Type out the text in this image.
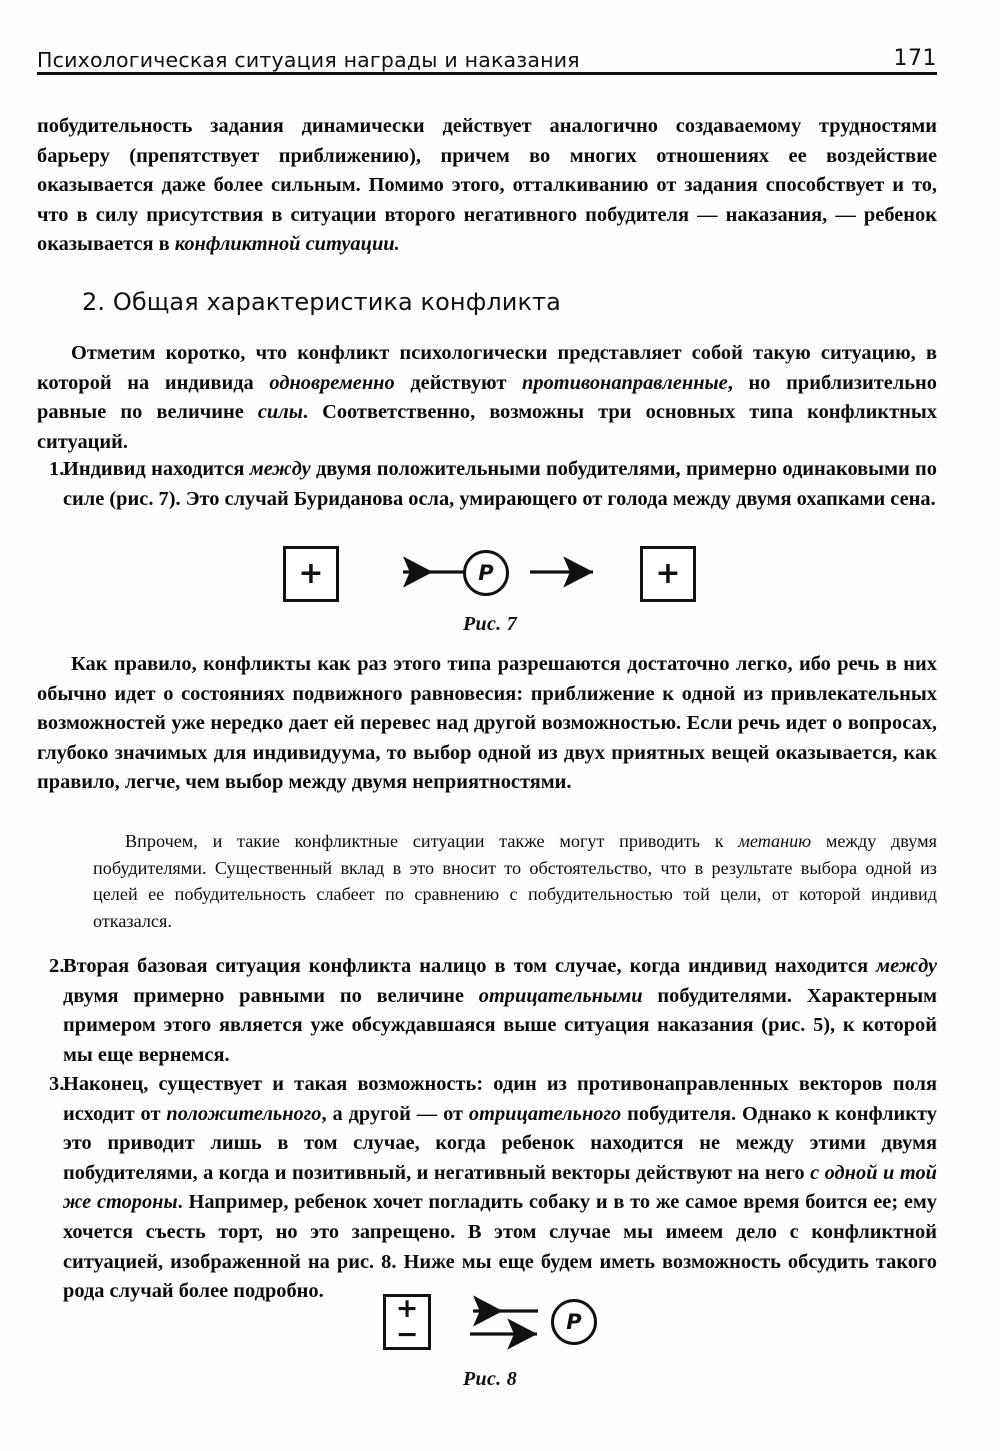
Психологическая ситуация награды и наказания	171

побудительность задания динамически действует аналогично создаваемому трудностями барьеру (препятствует приближению), причем во многих отношениях ее воздействие оказывается даже более сильным. Помимо этого, отталкиванию от задания способствует и то, что в силу присутствия в ситуации второго негативного побудителя — наказания, — ребенок оказывается в конфликтной ситуации.

2. Общая характеристика конфликта

Отметим коротко, что конфликт психологически представляет собой такую ситуацию, в которой на индивида одновременно действуют противонаправленные, но приблизительно равные по величине силы. Соответственно, возможны три основных типа конфликтных ситуаций.

1.
Индивид находится между двумя положительными побудителями, примерно одинаковыми по силе (рис. 7). Это случай Буриданова осла, умирающего от голода между двумя охапками сена.
+	P	+
Рис. 7

Как правило, конфликты как раз этого типа разрешаются достаточно легко, ибо речь в них обычно идет о состояниях подвижного равновесия: приближение к одной из привлекательных возможностей уже нередко дает ей перевес над другой возможностью. Если речь идет о вопросах, глубоко значимых для индивидуума, то выбор одной из двух приятных вещей оказывается, как правило, легче, чем выбор между двумя неприятностями.

Впрочем, и такие конфликтные ситуации также могут приводить к метанию между двумя побудителями. Существенный вклад в это вносит то обстоятельство, что в результате выбора одной из целей ее побудительность слабеет по сравнению с побудительностью той цели, от которой индивид отказался.

2.
Вторая базовая ситуация конфликта налицо в том случае, когда индивид находится между двумя примерно равными по величине отрицательными побудителями. Характерным примером этого является уже обсуждавшаяся выше ситуация наказания (рис. 5), к которой мы еще вернемся.
3.
Наконец, существует и такая возможность: один из противонаправленных векторов поля исходит от положительного, а другой — от отрицательного побудителя. Однако к конфликту это приводит лишь в том случае, когда ребенок находится не между этими двумя побудителями, а когда и позитивный, и негативный векторы действуют на него с одной и той же стороны. Например, ребенок хочет погладить собаку и в то же самое время боится ее; ему хочется съесть торт, но это запрещено. В этом случае мы имеем дело с конфликтной ситуацией, изображенной на рис. 8. Ниже мы еще будем иметь возможность обсудить такого рода случай более подробно.
+
−	P
Рис. 8
